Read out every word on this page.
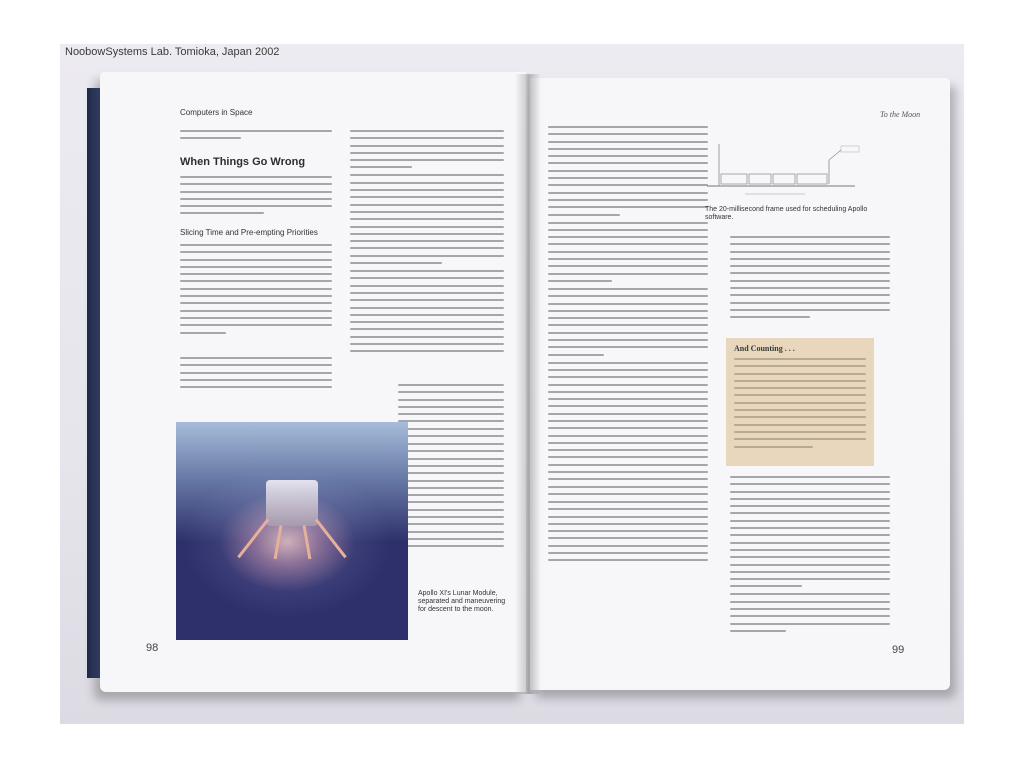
NoobowSystems Lab. Tomioka, Japan 2002
Computers in Space
When Things Go Wrong
Slicing Time and Pre-empting Priorities
Apollo XI's Lunar Module, separated and maneuvering for descent to the moon.
98
To the Moon
The 20-millisecond frame used for scheduling Apollo software.
99
And Counting . . .
